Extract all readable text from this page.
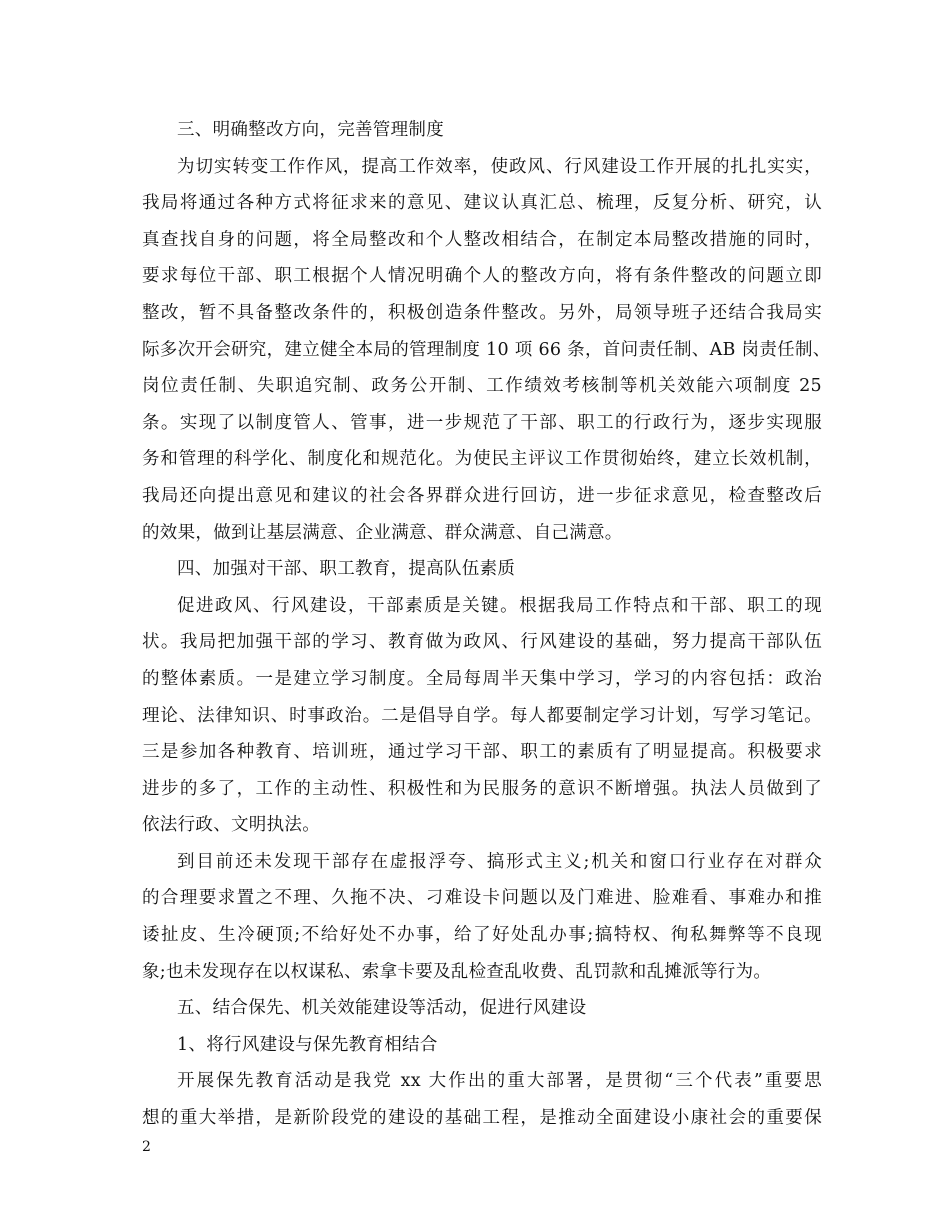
三、明确整改方向，完善管理制度
为切实转变工作作风，提高工作效率，使政风、行风建设工作开展的扎扎实实，
我局将通过各种方式将征求来的意见、建议认真汇总、梳理，反复分析、研究，认
真查找自身的问题，将全局整改和个人整改相结合，在制定本局整改措施的同时，
要求每位干部、职工根据个人情况明确个人的整改方向，将有条件整改的问题立即
整改，暂不具备整改条件的，积极创造条件整改。另外，局领导班子还结合我局实
际多次开会研究，建立健全本局的管理制度 10 项 66 条，首问责任制、AB 岗责任制、
岗位责任制、失职追究制、政务公开制、工作绩效考核制等机关效能六项制度 25
条。实现了以制度管人、管事，进一步规范了干部、职工的行政行为，逐步实现服
务和管理的科学化、制度化和规范化。为使民主评议工作贯彻始终，建立长效机制，
我局还向提出意见和建议的社会各界群众进行回访，进一步征求意见，检查整改后
的效果，做到让基层满意、企业满意、群众满意、自己满意。
四、加强对干部、职工教育，提高队伍素质
促进政风、行风建设，干部素质是关键。根据我局工作特点和干部、职工的现
状。我局把加强干部的学习、教育做为政风、行风建设的基础，努力提高干部队伍
的整体素质。一是建立学习制度。全局每周半天集中学习，学习的内容包括：政治
理论、法律知识、时事政治。二是倡导自学。每人都要制定学习计划，写学习笔记。
三是参加各种教育、培训班，通过学习干部、职工的素质有了明显提高。积极要求
进步的多了，工作的主动性、积极性和为民服务的意识不断增强。执法人员做到了
依法行政、文明执法。
到目前还未发现干部存在虚报浮夸、搞形式主义;机关和窗口行业存在对群众
的合理要求置之不理、久拖不决、刁难设卡问题以及门难进、脸难看、事难办和推
诿扯皮、生冷硬顶;不给好处不办事，给了好处乱办事;搞特权、徇私舞弊等不良现
象;也未发现存在以权谋私、索拿卡要及乱检查乱收费、乱罚款和乱摊派等行为。
五、结合保先、机关效能建设等活动，促进行风建设
1、将行风建设与保先教育相结合
开展保先教育活动是我党 xx 大作出的重大部署，是贯彻“三个代表”重要思
想的重大举措，是新阶段党的建设的基础工程，是推动全面建设小康社会的重要保
2
